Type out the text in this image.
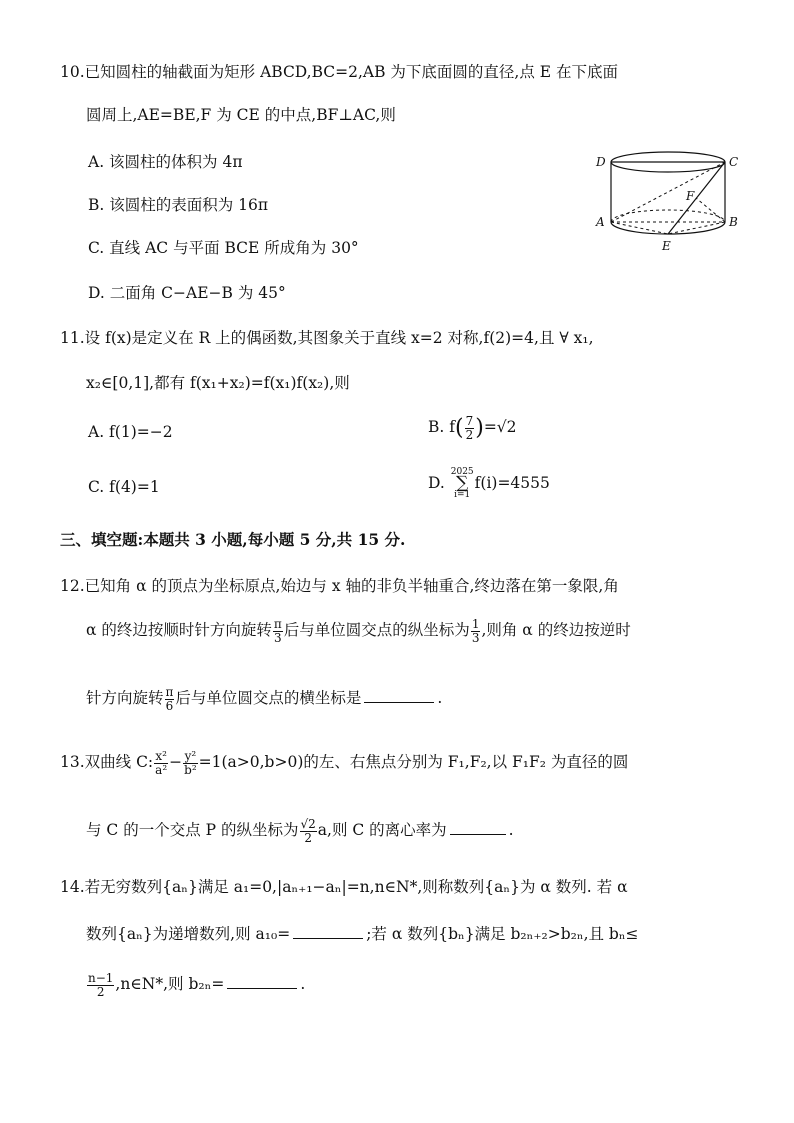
10.已知圆柱的轴截面为矩形 ABCD,BC=2,AB 为下底面圆的直径,点 E 在下底面
圆周上,AE=BE,F 为 CE 的中点,BF⊥AC,则
A. 该圆柱的体积为 4π
B. 该圆柱的表面积为 16π
C. 直线 AC 与平面 BCE 所成角为 30°
D. 二面角 C−AE−B 为 45°
D	C
A	B
E
F
11.设 f(x)是定义在 R 上的偶函数,其图象关于直线 x=2 对称,f(2)=4,且 ∀ x₁,
x₂∈[0,1],都有 f(x₁+x₂)=f(x₁)f(x₂),则
A. f(1)=−2	B. $f( \frac{7}{2} )=√2$
C. f(4)=1	D.
2025
∑
i=1
f(i)=4555
三、填空题:本题共 3 小题,每小题 5 分,共 15 分.
12.已知角 α 的顶点为坐标原点,始边与 x 轴的非负半轴重合,终边落在第一象限,角
α 的终边按顺时针方向旋转 $\frac{\pi}{3}$ 后与单位圆交点的纵坐标为 $\frac{1}{3}$ ,则角 α 的终边按逆时
针方向旋转 $\frac{\pi}{6}$ 后与单位圆交点的横坐标是	.
13.双曲线 C: $\frac{\text{x²}}{\text{a²}} - \frac{\text{y²}}{\text{b²}} =1(a>0,b>0)$的左、右焦点分别为 F₁,F₂,以 F₁F₂ 为直径的圆
与 C 的一个交点 P 的纵坐标为 $\frac{√2}{2} a$,则 C 的离心率为	.
14.若无穷数列{aₙ}满足 a₁=0,|aₙ₊₁−aₙ|=n,n∈N*,则称数列{aₙ}为 α 数列. 若 α
数列{aₙ}为递增数列,则 a₁₀=	;若 α 数列{bₙ}满足 b₂ₙ₊₂>b₂ₙ,且 bₙ≤
$\frac{n-1}{2}$ ,n∈N*,则 b₂ₙ=	.
